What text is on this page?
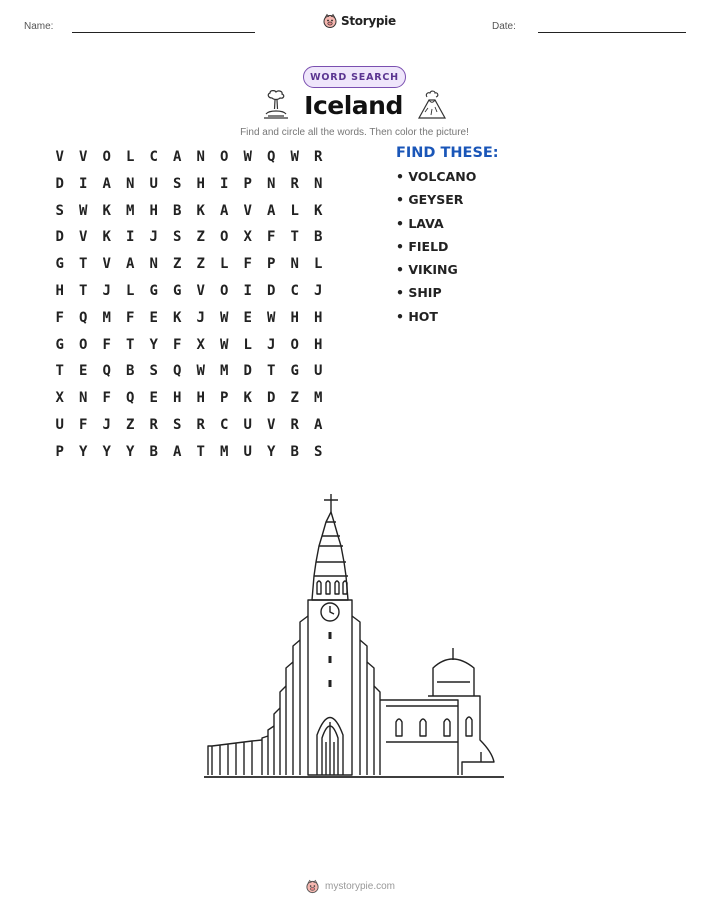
Name:	Storypie	Date:
WORD SEARCH
Iceland
Find and circle all the words. Then color the picture!
V	V	O	L	C	A	N	O	W	Q	W	R
D	I	A	N	U	S	H	I	P	N	R	N
S	W	K	M	H	B	K	A	V	A	L	K
D	V	K	I	J	S	Z	O	X	F	T	B
G	T	V	A	N	Z	Z	L	F	P	N	L
H	T	J	L	G	G	V	O	I	D	C	J
F	Q	M	F	E	K	J	W	E	W	H	H
G	O	F	T	Y	F	X	W	L	J	O	H
T	E	Q	B	S	Q	W	M	D	T	G	U
X	N	F	Q	E	H	H	P	K	D	Z	M
U	F	J	Z	R	S	R	C	U	V	R	A
P	Y	Y	Y	B	A	T	M	U	Y	B	S
FIND THESE:
• VOLCANO
• GEYSER
• LAVA
• FIELD
• VIKING
• SHIP
• HOT
mystorypie.com
